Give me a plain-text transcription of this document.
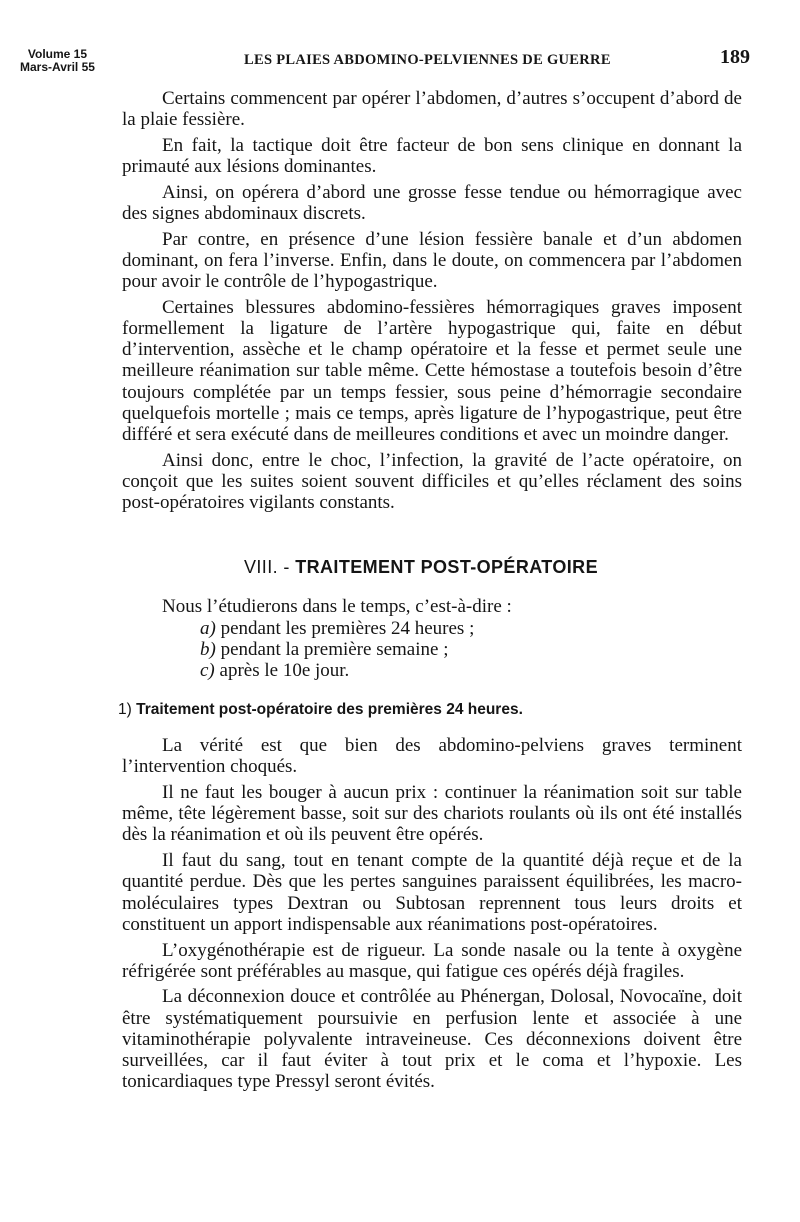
Volume 15
Mars-Avril 55	LES PLAIES ABDOMINO-PELVIENNES DE GUERRE	189

Certains commencent par opérer l’abdomen, d’autres s’occupent d’abord de la plaie fessière.

En fait, la tactique doit être facteur de bon sens clinique en donnant la primauté aux lésions dominantes.

Ainsi, on opérera d’abord une grosse fesse tendue ou hémorragique avec des signes abdominaux discrets.

Par contre, en présence d’une lésion fessière banale et d’un abdomen dominant, on fera l’inverse. Enfin, dans le doute, on commencera par l’abdomen pour avoir le contrôle de l’hypogastrique.

Certaines blessures abdomino-fessières hémorragiques graves imposent formellement la ligature de l’artère hypogastrique qui, faite en début d’intervention, assèche et le champ opératoire et la fesse et permet seule une meilleure réanimation sur table même. Cette hémostase a toutefois besoin d’être toujours complétée par un temps fessier, sous peine d’hémorragie secondaire quelquefois mortelle ; mais ce temps, après ligature de l’hypogastrique, peut être différé et sera exécuté dans de meilleures conditions et avec un moindre danger.

Ainsi donc, entre le choc, l’infection, la gravité de l’acte opératoire, on conçoit que les suites soient souvent difficiles et qu’elles réclament des soins post-opératoires vigilants constants.

VIII. - TRAITEMENT POST-OPÉRATOIRE

Nous l’étudierons dans le temps, c’est-à-dire :

a) pendant les premières 24 heures ;
b) pendant la première semaine ;
c) après le 10e jour.
1) Traitement post-opératoire des premières 24 heures.

La vérité est que bien des abdomino-pelviens graves terminent l’intervention choqués.

Il ne faut les bouger à aucun prix : continuer la réanimation soit sur table même, tête légèrement basse, soit sur des chariots roulants où ils ont été installés dès la réanimation et où ils peuvent être opérés.

Il faut du sang, tout en tenant compte de la quantité déjà reçue et de la quantité perdue. Dès que les pertes sanguines paraissent équilibrées, les macro-moléculaires types Dextran ou Subtosan reprennent tous leurs droits et constituent un apport indispensable aux réanimations post-opératoires.

L’oxygénothérapie est de rigueur. La sonde nasale ou la tente à oxygène réfrigérée sont préférables au masque, qui fatigue ces opérés déjà fragiles.

La déconnexion douce et contrôlée au Phénergan, Dolosal, Novocaïne, doit être systématiquement poursuivie en perfusion lente et associée à une vitaminothérapie polyvalente intraveineuse. Ces déconnexions doivent être surveillées, car il faut éviter à tout prix et le coma et l’hypoxie. Les tonicardiaques type Pressyl seront évités.
